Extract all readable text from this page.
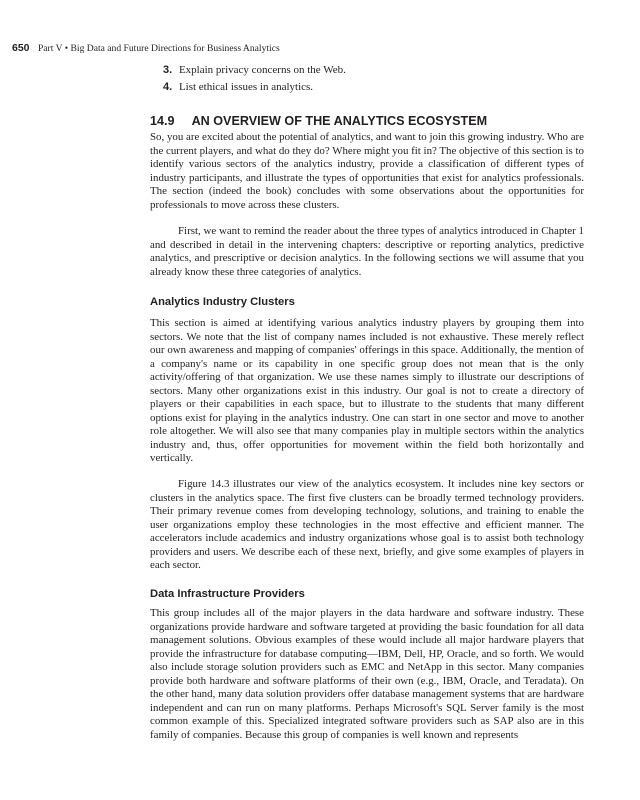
650 Part V • Big Data and Future Directions for Business Analytics
3. Explain privacy concerns on the Web.
4. List ethical issues in analytics.
14.9 AN OVERVIEW OF THE ANALYTICS ECOSYSTEM

So, you are excited about the potential of analytics, and want to join this growing industry. Who are the current players, and what do they do? Where might you fit in? The objective of this section is to identify various sectors of the analytics industry, provide a classification of different types of industry participants, and illustrate the types of opportunities that exist for analytics professionals. The section (indeed the book) concludes with some observations about the opportunities for professionals to move across these clusters.

First, we want to remind the reader about the three types of analytics introduced in Chapter 1 and described in detail in the intervening chapters: descriptive or reporting analytics, predictive analytics, and prescriptive or decision analytics. In the following sections we will assume that you already know these three categories of analytics.

Analytics Industry Clusters

This section is aimed at identifying various analytics industry players by grouping them into sectors. We note that the list of company names included is not exhaustive. These merely reflect our own awareness and mapping of companies' offerings in this space. Additionally, the mention of a company's name or its capability in one specific group does not mean that is the only activity/offering of that organization. We use these names simply to illustrate our descriptions of sectors. Many other organizations exist in this industry. Our goal is not to create a directory of players or their capabilities in each space, but to illustrate to the students that many different options exist for playing in the analytics industry. One can start in one sector and move to another role altogether. We will also see that many companies play in multiple sectors within the analytics industry and, thus, offer opportunities for movement within the field both horizontally and vertically.

Figure 14.3 illustrates our view of the analytics ecosystem. It includes nine key sectors or clusters in the analytics space. The first five clusters can be broadly termed technology providers. Their primary revenue comes from developing technology, solutions, and training to enable the user organizations employ these technologies in the most effective and efficient manner. The accelerators include academics and industry organizations whose goal is to assist both technology providers and users. We describe each of these next, briefly, and give some examples of players in each sector.

Data Infrastructure Providers

This group includes all of the major players in the data hardware and software industry. These organizations provide hardware and software targeted at providing the basic foundation for all data management solutions. Obvious examples of these would include all major hardware players that provide the infrastructure for database computing—IBM, Dell, HP, Oracle, and so forth. We would also include storage solution providers such as EMC and NetApp in this sector. Many companies provide both hardware and software platforms of their own (e.g., IBM, Oracle, and Teradata). On the other hand, many data solution providers offer database management systems that are hardware independent and can run on many platforms. Perhaps Microsoft's SQL Server family is the most common example of this. Specialized integrated software providers such as SAP also are in this family of companies. Because this group of companies is well known and represents
